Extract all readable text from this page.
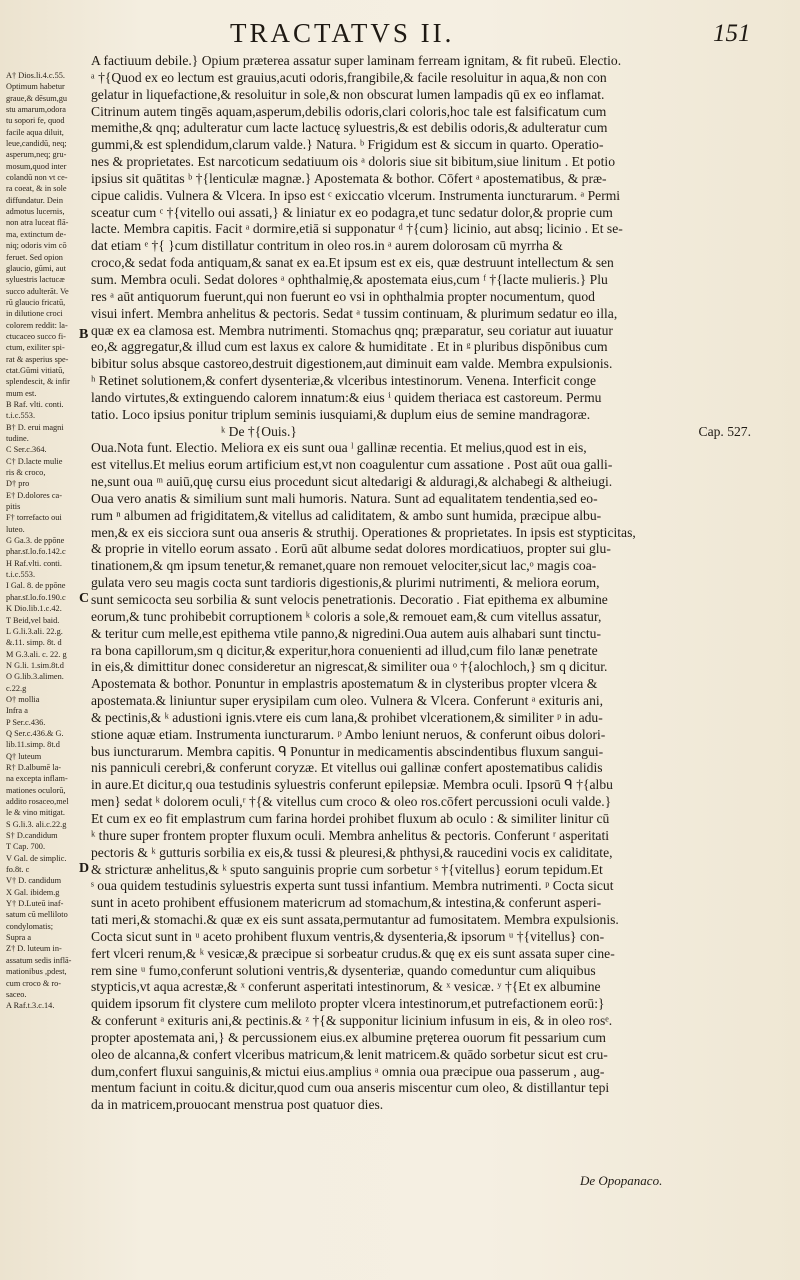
TRACTATVS II.	151
A† Dios.li.4.c.55.
Optimum habetur
graue,& dēsum,gu
stu amarum,odora
tu sopori fe, quod
facile aqua diluit,
leue,candidū, neq;
asperum,neq; gru-
mosum,quod inter
colandū non vt ce-
ra coeat, & in sole
diffundatur. Dein
admotus lucernis,
non atra luceat flā-
ma, extinctum de-
niq; odoris vim cō
feruet. Sed opion
glaucio, gūmi, aut
syluestris lactucæ
succo adulterāt. Ve
rū glaucio fricatū,
in dilutione croci
colorem reddit: la-
ctucaceo succo fi-
ctum, exiliter spi-
rat & asperius spe-
ctat.Gūmi vitiatū,
splendescit, & infir
mum est.
B Raf. vlti. conti.
t.i.c.553.
B† D. erui magni
tudine.
C Ser.c.364.
C† D.lacte mulie
ris & croco,
D† pro
E† D.dolores ca-
pitis
F† torrefacto oui
luteo.
G Ga.3. de ppōne
phar.sī.lo.fo.142.c
H Raf.vlti. conti.
t.i.c.553.
I Gal. 8. de ppōne
phar.sī.lo.fo.190.c
K Dio.lib.1.c.42.
T Beid,vel baid.
L G.li.3.ali. 22.g.
&.11. simp. 8t. d
M G.3.ali. c. 22. g
N G.li. 1.sim.8t.d
O G.lib.3.alimen.
c.22.g
O† mollia
Infra a
P Ser.c.436.
Q Ser.c.436.& G.
lib.11.simp. 8t.d
Q† luteum
R† D.albumē la-
na excepta inflam-
mationes oculorū,
addito rosaceo,mel
le & vino mitigat.
S G.li.3. ali.c.22.g
S† D.candidum
T Cap. 700.
V Gal. de simplic.
fo.8t. c
V† D. candidum
X Gal. ibidem.g
Y† D.Luteū inaf-
satum cū melliloto
condylomatis;
Supra a
Z† D. luteum in-
assatum sedis inflā-
mationibus ,pdest,
cum croco & ro-
saceo.
A Raf.t.3.c.14.
B
C
D
A factiuum debile.} Opium præterea assatur super laminam ferream ignitam, & fit rubeū. Electio.
ᵃ †{Quod ex eo lectum est grauius,acuti odoris,frangibile,& facile resoluitur in aqua,& non con
gelatur in liquefactione,& resoluitur in sole,& non obscurat lumen lampadis qū ex eo inflamat.
Citrinum autem tingēs aquam,asperum,debilis odoris,clari coloris,hoc tale est falsificatum cum
memithe,& qnq; adulteratur cum lacte lactucę syluestris,& est debilis odoris,& adulteratur cum
gummi,& est splendidum,clarum valde.} Natura. ᵇ Frigidum est & siccum in quarto. Operatio-
nes & proprietates. Est narcoticum sedatiuum ois ᵃ doloris siue sit bibitum,siue linitum . Et potio
ipsius sit quātitas ᵇ †{lenticulæ magnæ.} Apostemata & bothor. Cōfert ᵃ apostematibus, & præ-
cipue calidis. Vulnera & Vlcera. In ipso est ᶜ exiccatio vlcerum. Instrumenta iuncturarum. ᵃ Permi
sceatur cum ᶜ †{vitello oui assati,} & liniatur ex eo podagra,et tunc sedatur dolor,& proprie cum
lacte. Membra capitis. Facit ᵃ dormire,etiā si supponatur ᵈ †{cum} licinio, aut absq; licinio . Et se-
dat etiam ᵉ †{ }cum distillatur contritum in oleo ros.in ᵃ aurem dolorosam cū myrrha &
croco,& sedat foda antiquam,& sanat ex ea.Et ipsum est ex eis, quæ destruunt intellectum & sen
sum. Membra oculi. Sedat dolores ᵃ ophthalmię,& apostemata eius,cum ᶠ †{lacte mulieris.} Plu
res ᵃ aūt antiquorum fuerunt,qui non fuerunt eo vsi in ophthalmia propter nocumentum, quod
visui infert. Membra anhelitus & pectoris. Sedat ᵃ tussim continuam, & plurimum sedatur eo illa,
quæ ex ea clamosa est. Membra nutrimenti. Stomachus qnq; præparatur, seu coriatur aut iuuatur
eo,& aggregatur,& illud cum est laxus ex calore & humiditate . Et in ᵍ pluribus dispōnibus cum
bibitur solus absque castoreo,destruit digestionem,aut diminuit eam valde. Membra expulsionis.
ʰ Retinet solutionem,& confert dysenteriæ,& vlceribus intestinorum. Venena. Interficit conge
lando virtutes,& extinguendo calorem innatum:& eius ⁱ quidem theriaca est castoreum. Permu
tatio. Loco ipsius ponitur triplum seminis iusquiami,& duplum eius de semine mandragoræ.
ᵏ De †{Ouis.}	Cap. 527.
Oua.Nota funt. Electio. Meliora ex eis sunt oua ˡ gallinæ recentia. Et melius,quod est in eis,
est vitellus.Et melius eorum artificium est,vt non coagulentur cum assatione . Post aūt oua galli-
ne,sunt oua ᵐ auiū,quę cursu eius procedunt sicut altedarigi & alduragi,& alchabegi & altheiugi.
Oua vero anatis & similium sunt mali humoris. Natura. Sunt ad equalitatem tendentia,sed eo-
rum ⁿ albumen ad frigiditatem,& vitellus ad caliditatem, & ambo sunt humida, præcipue albu-
men,& ex eis sicciora sunt oua anseris & struthij. Operationes & proprietates. In ipsis est stypticitas,
& proprie in vitello eorum assato . Eorū aūt albume sedat dolores mordicatiuos, propter sui glu-
tinationem,& qm ipsum tenetur,& remanet,quare non remouet velociter,sicut lac,ᵒ magis coa-
gulata vero seu magis cocta sunt tardioris digestionis,& plurimi nutrimenti, & meliora eorum,
sunt semicocta seu sorbilia & sunt velocis penetrationis. Decoratio . Fiat epithema ex albumine
eorum,& tunc prohibebit corruptionem ᵏ coloris a sole,& remouet eam,& cum vitellus assatur,
& teritur cum melle,est epithema vtile panno,& nigredini.Oua autem auis alhabari sunt tinctu-
ra bona capillorum,sm q dicitur,& experitur,hora conuenienti ad illud,cum filo lanæ penetrate
in eis,& dimittitur donec consideretur an nigrescat,& similiter oua ᵒ †{alochloch,} sm q dicitur.
Apostemata & bothor. Ponuntur in emplastris apostematum & in clysteribus propter vlcera &
apostemata.& liniuntur super erysipilam cum oleo. Vulnera & Vlcera. Conferunt ᵃ exituris ani,
& pectinis,& ᵏ adustioni ignis.vtere eis cum lana,& prohibet vlcerationem,& similiter ᵖ in adu-
stione aquæ etiam. Instrumenta iuncturarum. ᵖ Ambo leniunt neruos, & conferunt oibus dolori-
bus iuncturarum. Membra capitis. ᑫ Ponuntur in medicamentis abscindentibus fluxum sangui-
nis panniculi cerebri,& conferunt coryzæ. Et vitellus oui gallinæ confert apostematibus calidis
in aure.Et dicitur,q oua testudinis syluestris conferunt epilepsiæ. Membra oculi. Ipsorū ᑫ †{albu
men} sedat ᵏ dolorem oculi,ʳ †{& vitellus cum croco & oleo ros.cōfert percussioni oculi valde.}
Et cum ex eo fit emplastrum cum farina hordei prohibet fluxum ab oculo : & similiter linitur cū
ᵏ thure super frontem propter fluxum oculi. Membra anhelitus & pectoris. Conferunt ʳ asperitati
pectoris & ᵏ gutturis sorbilia ex eis,& tussi & pleuresi,& phthysi,& raucedini vocis ex caliditate,
& stricturæ anhelitus,& ᵏ sputo sanguinis proprie cum sorbetur ˢ †{vitellus} eorum tepidum.Et
ˢ oua quidem testudinis syluestris experta sunt tussi infantium. Membra nutrimenti. ᵖ Cocta sicut
sunt in aceto prohibent effusionem matericrum ad stomachum,& intestina,& conferunt asperi-
tati meri,& stomachi.& quæ ex eis sunt assata,permutantur ad fumositatem. Membra expulsionis.
Cocta sicut sunt in ᵘ aceto prohibent fluxum ventris,& dysenteria,& ipsorum ᵘ †{vitellus} con-
fert vlceri renum,& ᵏ vesicæ,& præcipue si sorbeatur crudus.& quę ex eis sunt assata super cine-
rem sine ᵘ fumo,conferunt solutioni ventris,& dysenteriæ, quando comeduntur cum aliquibus
stypticis,vt aqua acrestæ,& ˣ conferunt asperitati intestinorum, & ˣ vesicæ. ʸ †{Et ex albumine
quidem ipsorum fit clystere cum meliloto propter vlcera intestinorum,et putrefactionem eorū:}
& conferunt ᵃ exituris ani,& pectinis.& ᶻ †{& supponitur licinium infusum in eis, & in oleo rosᵉ.
propter apostemata ani,} & percussionem eius.ex albumine pręterea ouorum fit pessarium cum
oleo de alcanna,& confert vlceribus matricum,& lenit matricem.& quādo sorbetur sicut est cru-
dum,confert fluxui sanguinis,& mictui eius.amplius ᵃ omnia oua præcipue oua passerum , aug-
mentum faciunt in coitu.& dicitur,quod cum oua anseris miscentur cum oleo, & distillantur tepi
da in matricem,prouocant menstrua post quatuor dies.
De Opopanaco.
